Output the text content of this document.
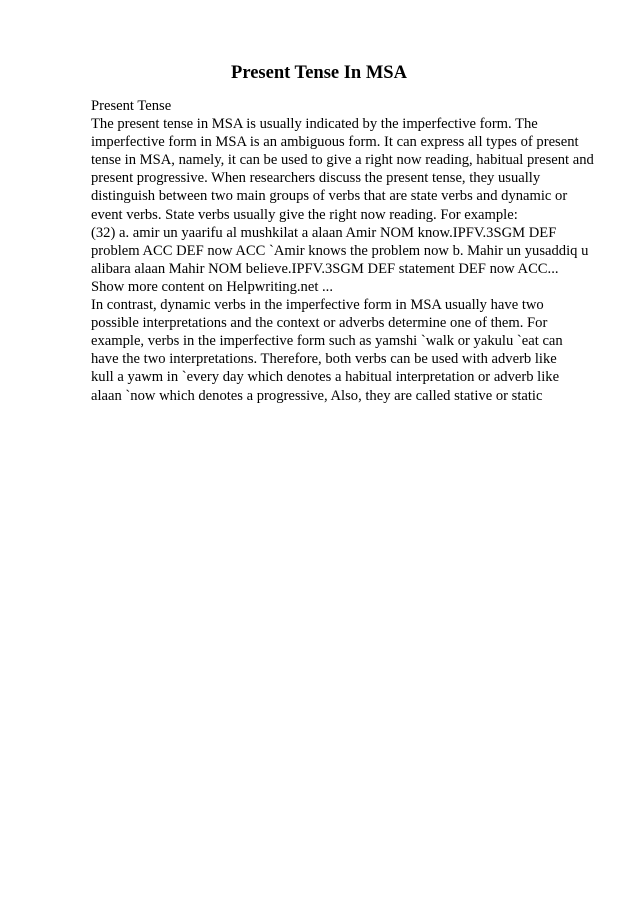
Present Tense In MSA
Present Tense
The present tense in MSA is usually indicated by the imperfective form. The
imperfective form in MSA is an ambiguous form. It can express all types of present
tense in MSA, namely, it can be used to give a right now reading, habitual present and
present progressive. When researchers discuss the present tense, they usually
distinguish between two main groups of verbs that are state verbs and dynamic or
event verbs. State verbs usually give the right now reading. For example:
(32) a. amir un yaarifu al mushkilat a alaan Amir NOM know.IPFV.3SGM DEF
problem ACC DEF now ACC `Amir knows the problem now b. Mahir un yusaddiq u
alibara alaan Mahir NOM believe.IPFV.3SGM DEF statement DEF now ACC...
Show more content on Helpwriting.net ...
In contrast, dynamic verbs in the imperfective form in MSA usually have two
possible interpretations and the context or adverbs determine one of them. For
example, verbs in the imperfective form such as yamshi `walk or yakulu `eat can
have the two interpretations. Therefore, both verbs can be used with adverb like
kull a yawm in `every day which denotes a habitual interpretation or adverb like
alaan `now which denotes a progressive, Also, they are called stative or static
